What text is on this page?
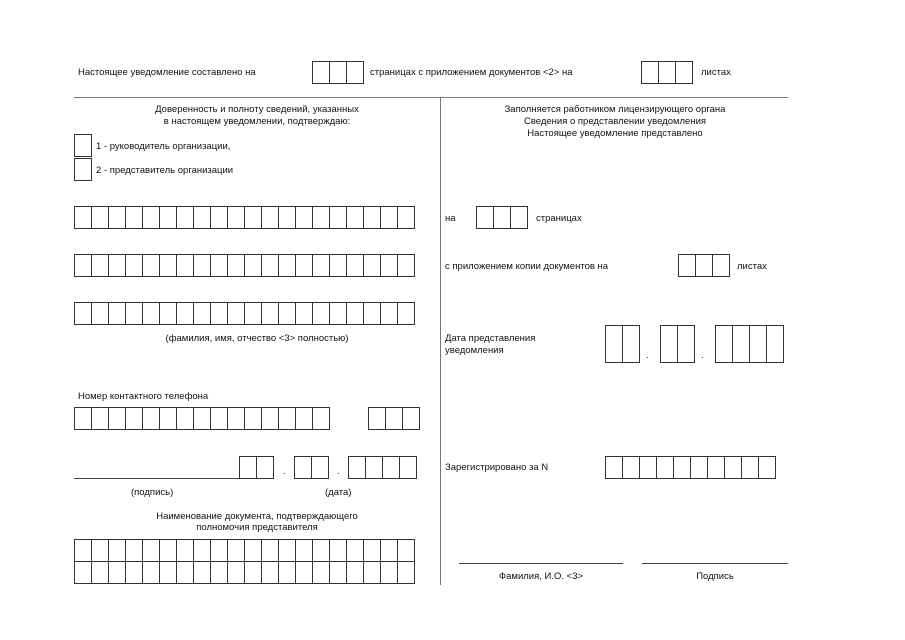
Настоящее уведомление составлено на	страницах с приложением документов <2> на	листах
Доверенность и полноту сведений, указанных
в настоящем уведомлении, подтверждаю:
1 - руководитель организации,
2 - представитель организации
(фамилия, имя, отчество <3> полностью)
Номер контактного телефона
.	.
(подпись)	(дата)
Наименование документа, подтверждающего
полномочия представителя
Заполняется работником лицензирующего органа
Сведения о представлении уведомления
Настоящее уведомление представлено
на	страницах
с приложением копии документов на	листах
Дата представления
уведомления	.	.
Зарегистрировано за N
Фамилия, И.О. <3>	Подпись
